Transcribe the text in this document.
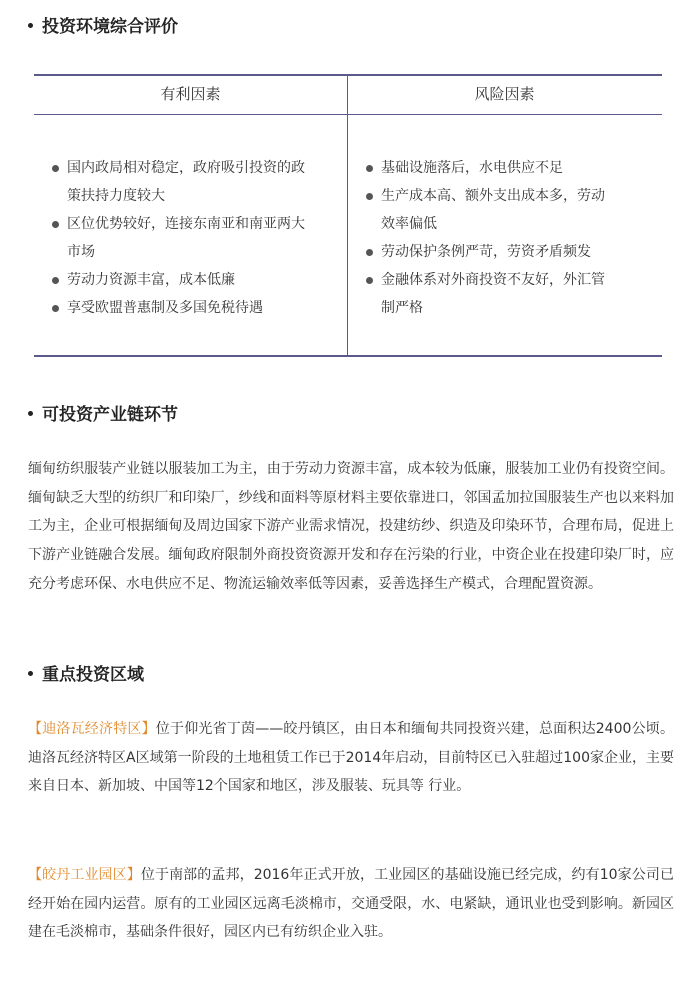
投资环境综合评价
有利因素	风险因素
国内政局相对稳定，政府吸引投资的政
策扶持力度较大
区位优势较好，连接东南亚和南亚两大
市场
劳动力资源丰富，成本低廉
享受欧盟普惠制及多国免税待遇
基础设施落后，水电供应不足
生产成本高、额外支出成本多，劳动
效率偏低
劳动保护条例严苛，劳资矛盾频发
金融体系对外商投资不友好，外汇管
制严格
可投资产业链环节

缅甸纺织服装产业链以服装加工为主，由于劳动力资源丰富，成本较为低廉，服装加工业仍有投资空间。缅甸缺乏大型的纺织厂和印染厂，纱线和面料等原材料主要依靠进口，邻国孟加拉国服装生产也以来料加工为主，企业可根据缅甸及周边国家下游产业需求情况，投建纺纱、织造及印染环节，合理布局，促进上下游产业链融合发展。缅甸政府限制外商投资资源开发和存在污染的行业，中资企业在投建印染厂时，应充分考虑环保、水电供应不足、物流运输效率低等因素，妥善选择生产模式，合理配置资源。

重点投资区域

【迪洛瓦经济特区】位于仰光省丁茵——皎丹镇区，由日本和缅甸共同投资兴建，总面积达2400公顷。迪洛瓦经济特区A区域第一阶段的土地租赁工作已于2014年启动，目前特区已入驻超过100家企业，主要来自日本、新加坡、中国等12个国家和地区，涉及服装、玩具等 行业。

【皎丹工业园区】位于南部的孟邦，2016年正式开放，工业园区的基础设施已经完成，约有10家公司已经开始在园内运营。原有的工业园区远离毛淡棉市，交通受限，水、电紧缺，通讯业也受到影响。新园区建在毛淡棉市，基础条件很好，园区内已有纺织企业入驻。
